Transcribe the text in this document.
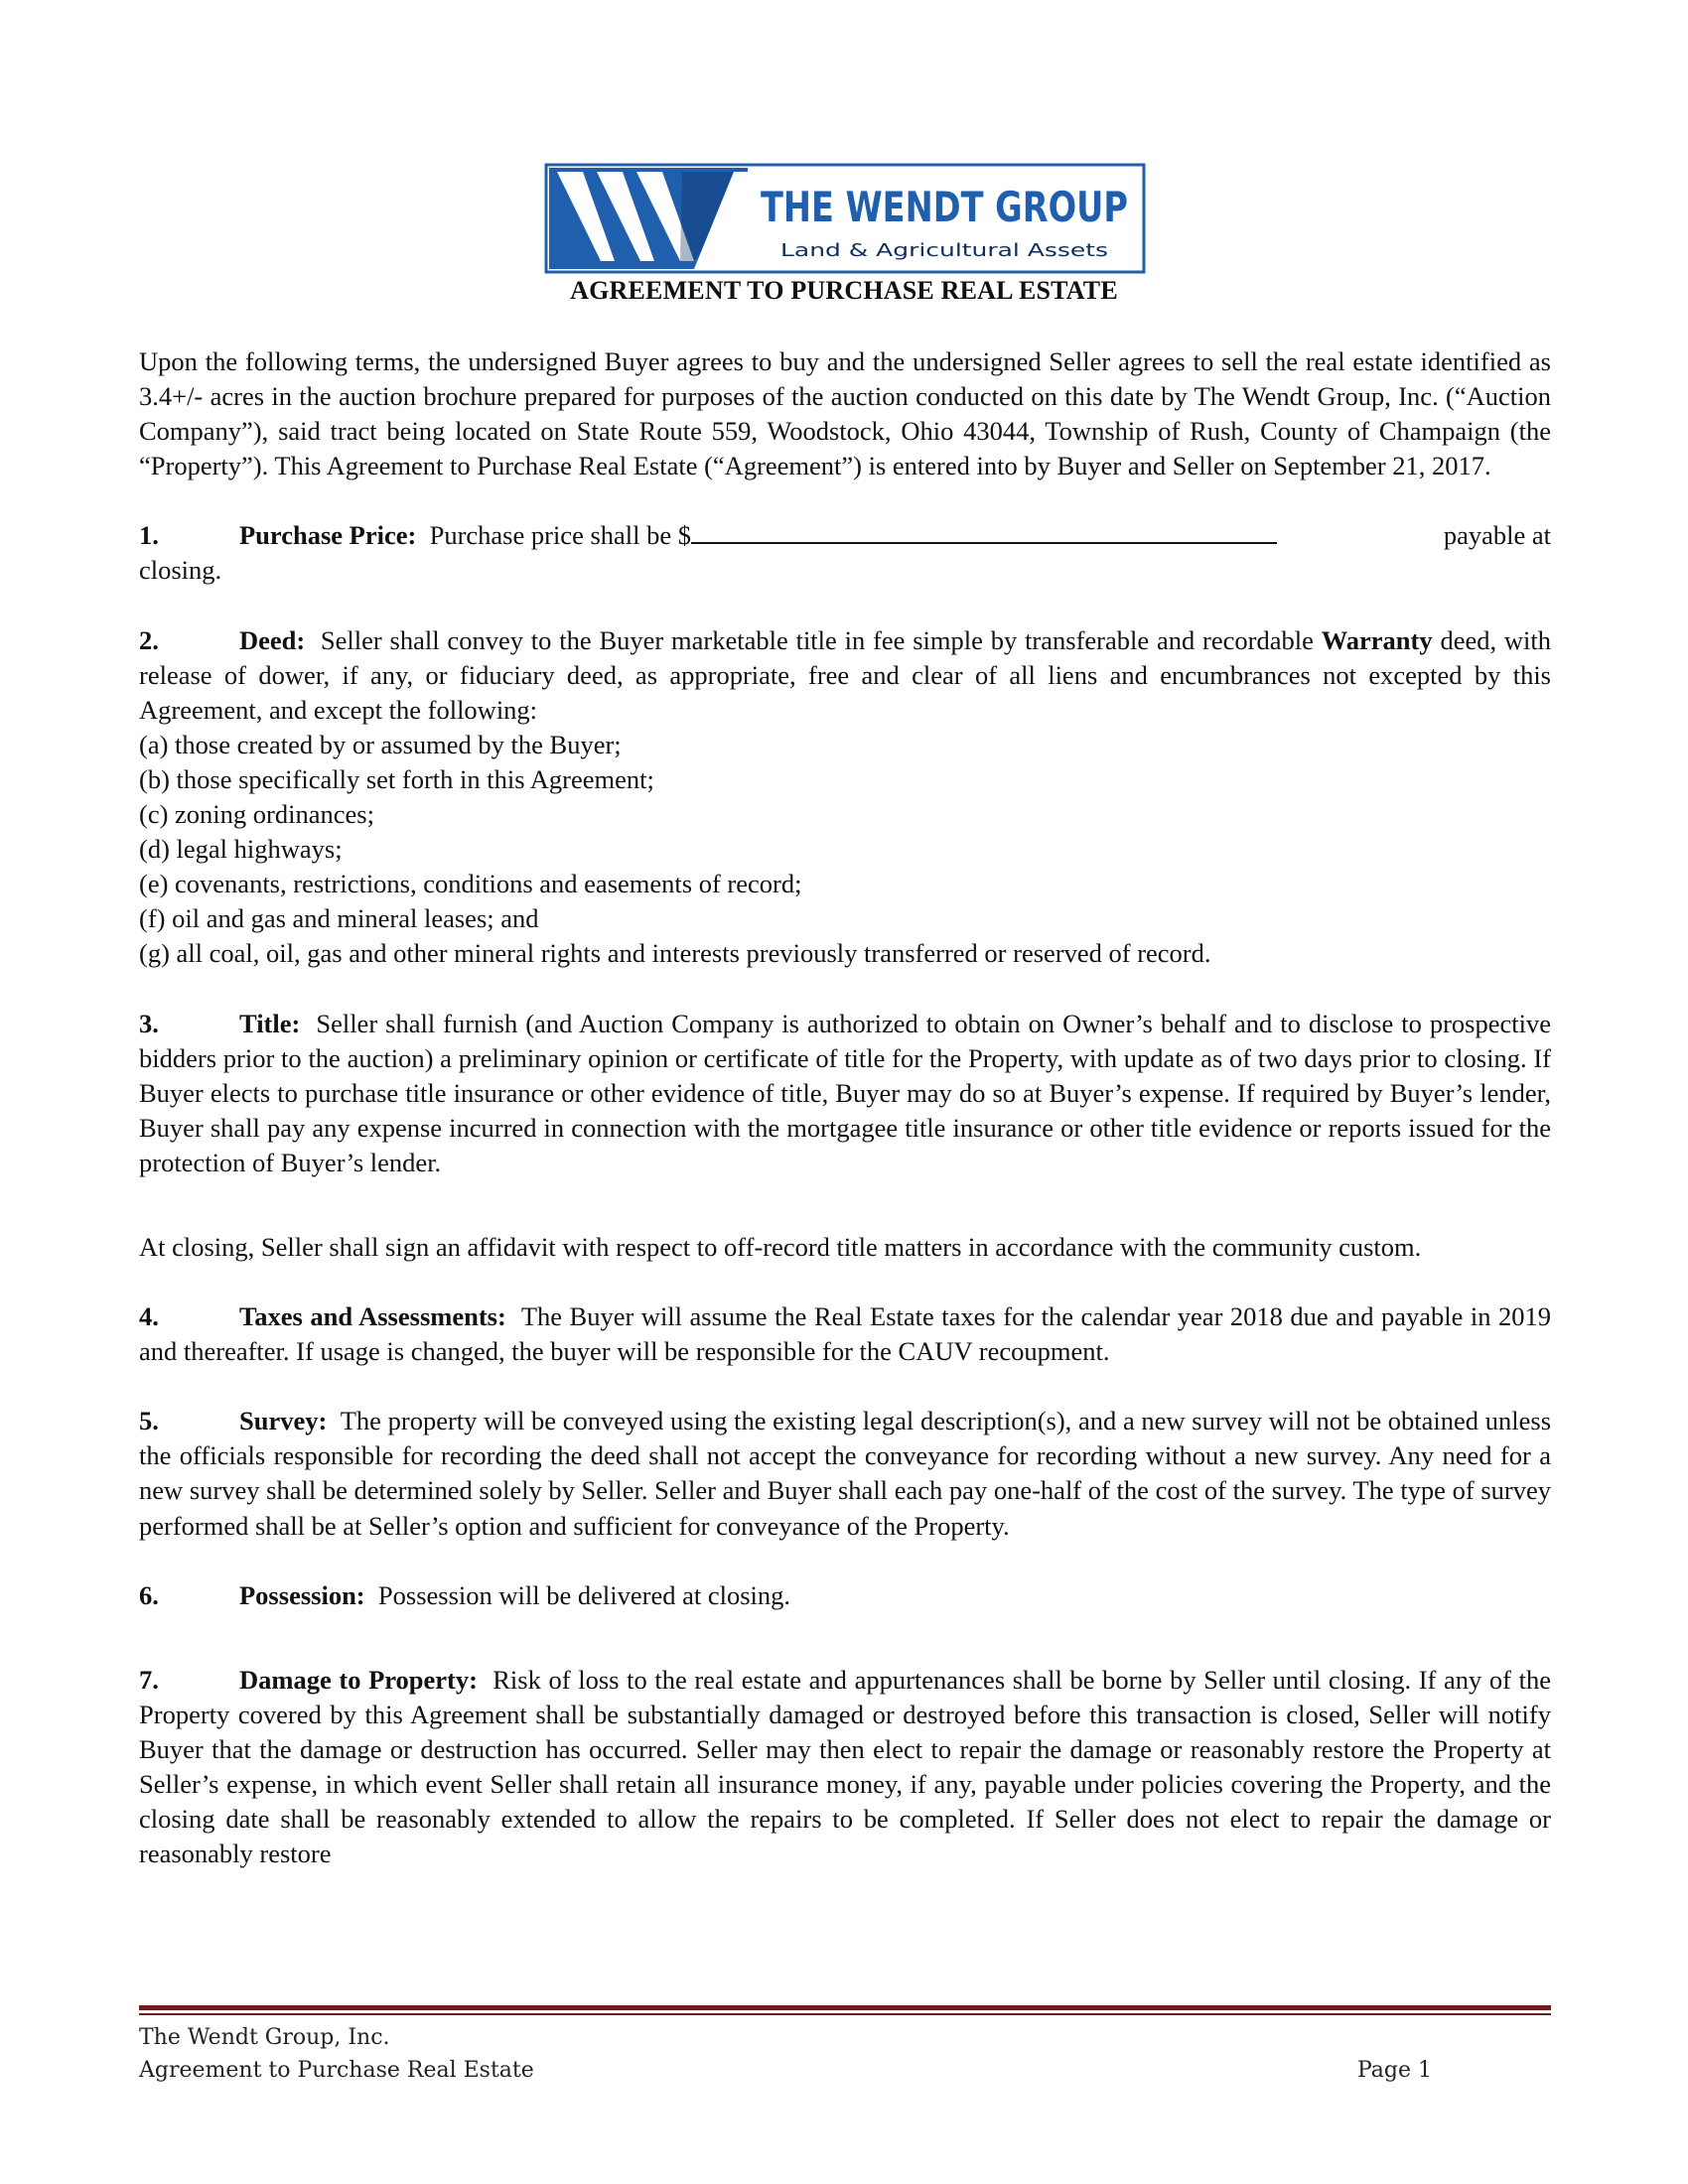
THE WENDT GROUP
Land & Agricultural Assets
AGREEMENT TO PURCHASE REAL ESTATE

Upon the following terms, the undersigned Buyer agrees to buy and the undersigned Seller agrees to sell the real estate identified as 3.4+/- acres in the auction brochure prepared for purposes of the auction conducted on this date by The Wendt Group, Inc. (“Auction Company”), said tract being located on State Route 559, Woodstock, Ohio 43044, Township of Rush, County of Champaign (the “Property”). This Agreement to Purchase Real Estate (“Agreement”) is entered into by Buyer and Seller on September 21, 2017.

1.	Purchase Price: Purchase price shall be $	payable at
closing.
2.	Deed: Seller shall convey to the Buyer marketable title in fee simple by transferable and recordable Warranty deed, with release of dower, if any, or fiduciary deed, as appropriate, free and clear of all liens and encumbrances not excepted by this Agreement, and except the following:
(a) those created by or assumed by the Buyer;
(b) those specifically set forth in this Agreement;
(c) zoning ordinances;
(d) legal highways;
(e) covenants, restrictions, conditions and easements of record;
(f) oil and gas and mineral leases; and
(g) all coal, oil, gas and other mineral rights and interests previously transferred or reserved of record.

3.	Title: Seller shall furnish (and Auction Company is authorized to obtain on Owner’s behalf and to disclose to prospective bidders prior to the auction) a preliminary opinion or certificate of title for the Property, with update as of two days prior to closing. If Buyer elects to purchase title insurance or other evidence of title, Buyer may do so at Buyer’s expense. If required by Buyer’s lender, Buyer shall pay any expense incurred in connection with the mortgagee title insurance or other title evidence or reports issued for the protection of Buyer’s lender.

At closing, Seller shall sign an affidavit with respect to off-record title matters in accordance with the community custom.

4.	Taxes and Assessments: The Buyer will assume the Real Estate taxes for the calendar year 2018 due and payable in 2019 and thereafter. If usage is changed, the buyer will be responsible for the CAUV recoupment.

5.	Survey: The property will be conveyed using the existing legal description(s), and a new survey will not be obtained unless the officials responsible for recording the deed shall not accept the conveyance for recording without a new survey. Any need for a new survey shall be determined solely by Seller. Seller and Buyer shall each pay one-half of the cost of the survey. The type of survey performed shall be at Seller’s option and sufficient for conveyance of the Property.

6.	Possession: Possession will be delivered at closing.

7.	Damage to Property: Risk of loss to the real estate and appurtenances shall be borne by Seller until closing. If any of the Property covered by this Agreement shall be substantially damaged or destroyed before this transaction is closed, Seller will notify Buyer that the damage or destruction has occurred. Seller may then elect to repair the damage or reasonably restore the Property at Seller’s expense, in which event Seller shall retain all insurance money, if any, payable under policies covering the Property, and the closing date shall be reasonably extended to allow the repairs to be completed. If Seller does not elect to repair the damage or reasonably restore

The Wendt Group, Inc.
Agreement to Purchase Real Estate	Page 1
